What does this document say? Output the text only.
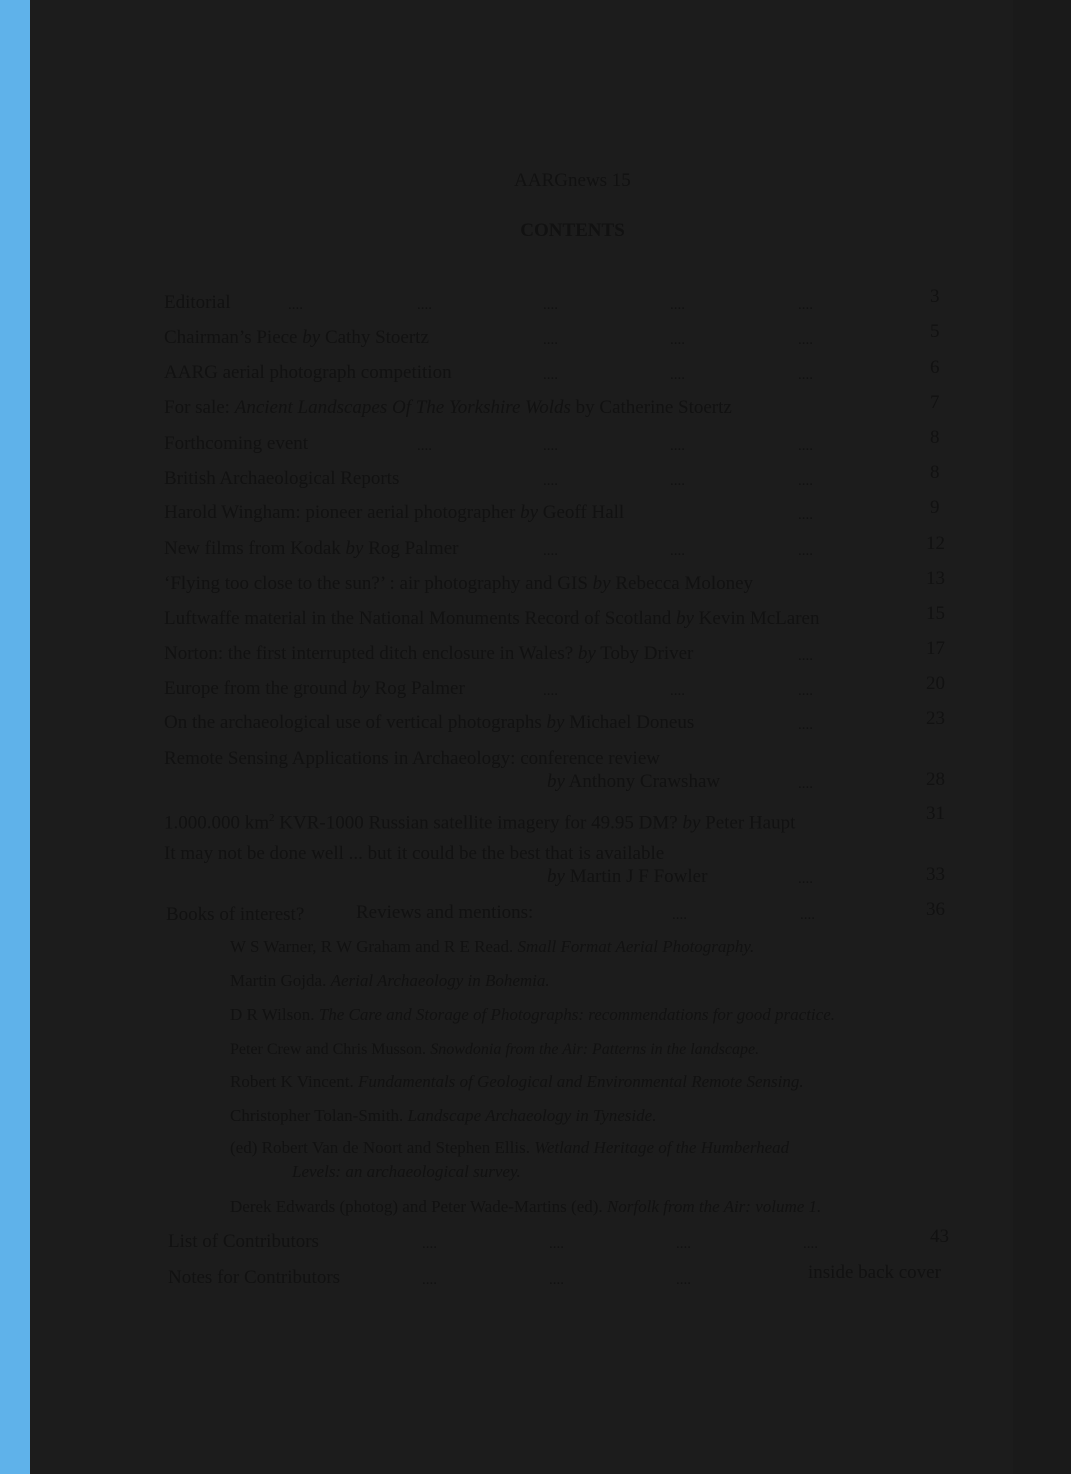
AARGnews 15
CONTENTS
Editorial	....	....	....	....	....	3
Chairman’s Piece by Cathy Stoertz	....	....	....	5
AARG aerial photograph competition	....	....	....	6
For sale: Ancient Landscapes Of The Yorkshire Wolds by Catherine Stoertz	7
Forthcoming event	....	....	....	....	8
British Archaeological Reports	....	....	....	8
Harold Wingham: pioneer aerial photographer by Geoff Hall	....	9
New films from Kodak by Rog Palmer	....	....	....	12
‘Flying too close to the sun?’ : air photography and GIS by Rebecca Moloney	13
Luftwaffe material in the National Monuments Record of Scotland by Kevin McLaren	15
Norton: the first interrupted ditch enclosure in Wales? by Toby Driver	....	17
Europe from the ground by Rog Palmer	....	....	....	20
On the archaeological use of vertical photographs by Michael Doneus	....	23
Remote Sensing Applications in Archaeology: conference review
by Anthony Crawshaw	....	28
1.000.000 $km^2$ KVR-1000 Russian satellite imagery for 49.95 DM? by Peter Haupt	31
It may not be done well ... but it could be the best that is available
by Martin J F Fowler	....	33
Books of interest?	Reviews and mentions:	....	....	36
W S Warner, R W Graham and R E Read. Small Format Aerial Photography.
Martin Gojda. Aerial Archaeology in Bohemia.
D R Wilson. The Care and Storage of Photographs: recommendations for good practice.
Peter Crew and Chris Musson. Snowdonia from the Air: Patterns in the landscape.
Robert K Vincent. Fundamentals of Geological and Environmental Remote Sensing.
Christopher Tolan-Smith. Landscape Archaeology in Tyneside.
(ed) Robert Van de Noort and Stephen Ellis. Wetland Heritage of the Humberhead
Levels: an archaeological survey.
Derek Edwards (photog) and Peter Wade-Martins (ed). Norfolk from the Air: volume 1.
List of Contributors	....	....	....	....	43
Notes for Contributors	....	....	....	inside back cover
